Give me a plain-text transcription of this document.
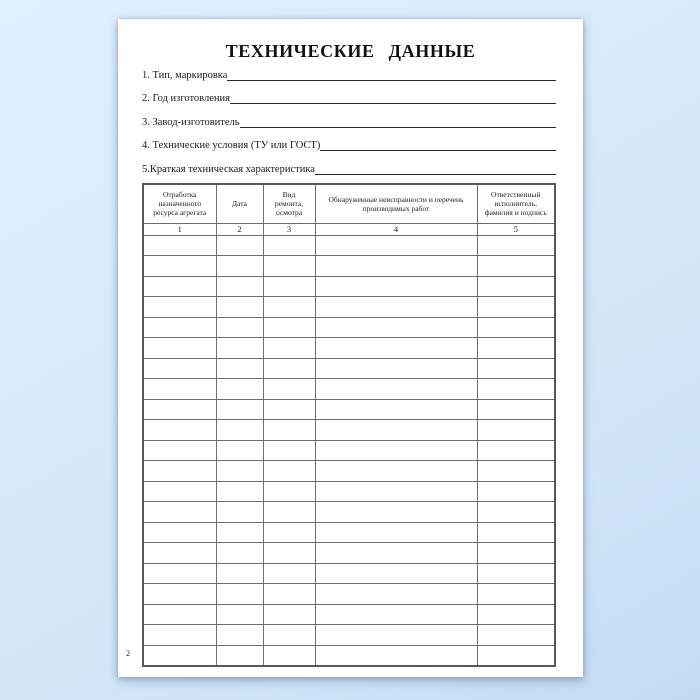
ТЕХНИЧЕСКИЕ ДАННЫЕ
1. Тип, маркировка
2. Год изготовления
3. Завод-изготовитель
4. Технические условия (ТУ или ГОСТ)
5.Краткая техническая характеристика
Отработка назначенного ресурса агрегата	Дата	Вид ремонта, осмотра	Обнаруженные неисправности и перечень производимых работ	Ответственный исполнитель, фамилия и подпись
1	2	3	4	5

2
